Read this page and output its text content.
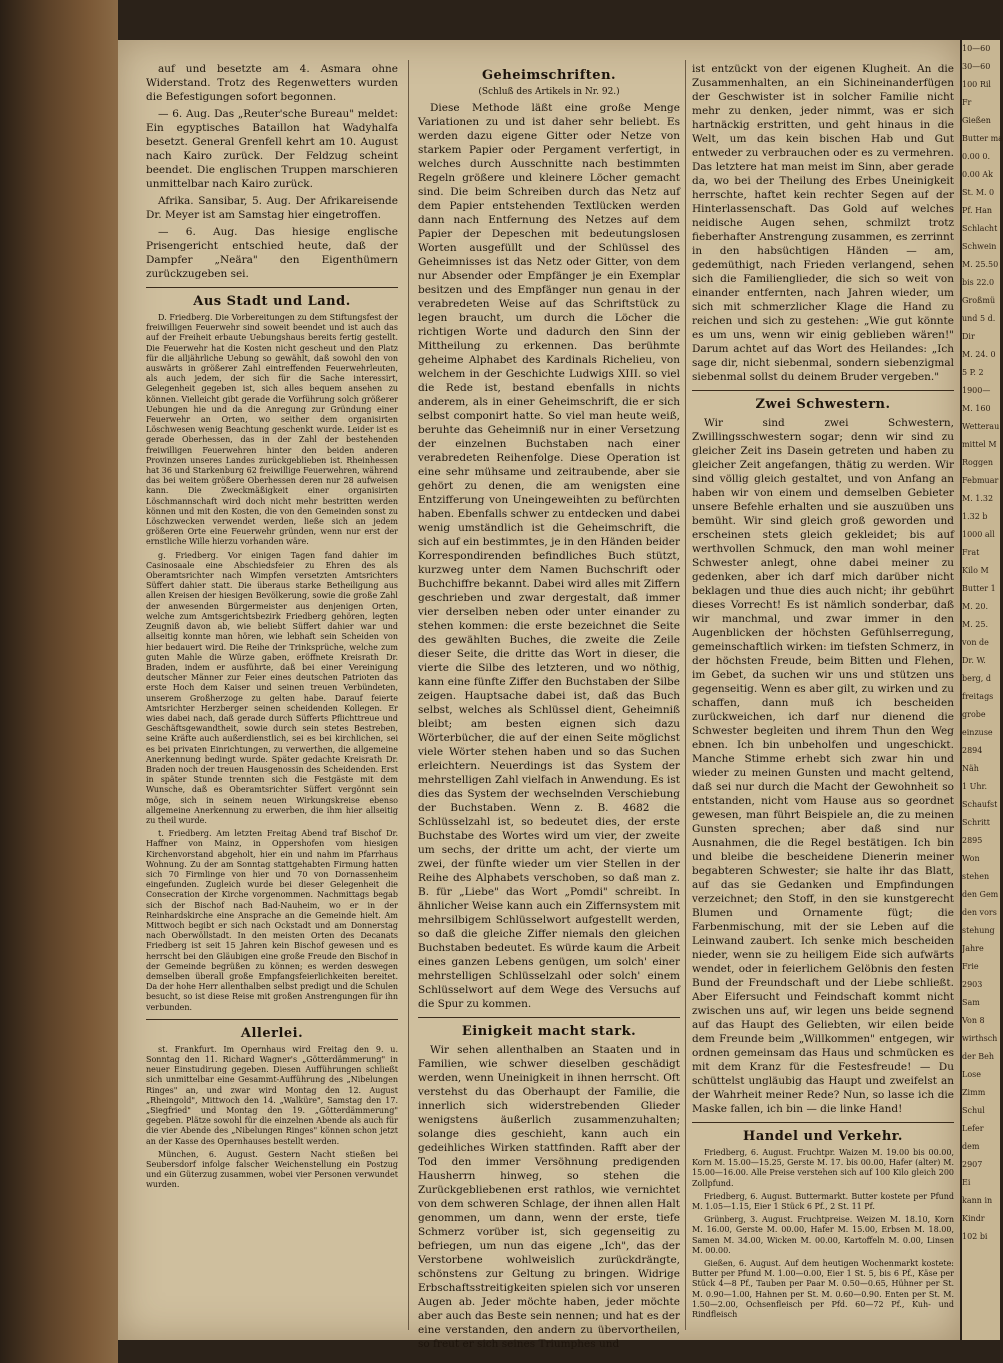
auf und besetzte am 4. Asmara ohne Widerstand. Trotz des Regenwetters wurden die Befestigungen sofort begonnen.

— 6. Aug. Das „Reuter'sche Bureau" meldet: Ein egyptisches Bataillon hat Wadyhalfa besetzt. General Grenfell kehrt am 10. August nach Kairo zurück. Der Feldzug scheint beendet. Die englischen Truppen marschieren unmittelbar nach Kairo zurück.

Afrika. Sansibar, 5. Aug. Der Afrikareisende Dr. Meyer ist am Samstag hier eingetroffen.

— 6. Aug. Das hiesige englische Prisengericht entschied heute, daß der Dampfer „Neära" den Eigenthümern zurückzugeben sei.

Aus Stadt und Land.

D. Friedberg. Die Vorbereitungen zu dem Stiftungsfest der freiwilligen Feuerwehr sind soweit beendet und ist auch das auf der Freiheit erbaute Uebungshaus bereits fertig gestellt. Die Feuerwehr hat die Kosten nicht gescheut und den Platz für die alljährliche Uebung so gewählt, daß sowohl den von auswärts in größerer Zahl eintreffenden Feuerwehrleuten, als auch jedem, der sich für die Sache interessirt, Gelegenheit gegeben ist, sich alles bequem ansehen zu können. Vielleicht gibt gerade die Vorführung solch größerer Uebungen hie und da die Anregung zur Gründung einer Feuerwehr an Orten, wo seither dem organisirten Löschwesen wenig Beachtung geschenkt wurde. Leider ist es gerade Oberhessen, das in der Zahl der bestehenden freiwilligen Feuerwehren hinter den beiden anderen Provinzen unseres Landes zurückgeblieben ist. Rheinhessen hat 36 und Starkenburg 62 freiwillige Feuerwehren, während das bei weitem größere Oberhessen deren nur 28 aufweisen kann. Die Zweckmäßigkeit einer organisirten Löschmannschaft wird doch nicht mehr bestritten werden können und mit den Kosten, die von den Gemeinden sonst zu Löschzwecken verwendet werden, ließe sich an jedem größeren Orte eine Feuerwehr gründen, wenn nur erst der ernstliche Wille hierzu vorhanden wäre.

g. Friedberg. Vor einigen Tagen fand dahier im Casinosaale eine Abschiedsfeier zu Ehren des als Oberamtsrichter nach Wimpfen versetzten Amtsrichters Süffert dahier statt. Die überaus starke Betheiligung aus allen Kreisen der hiesigen Bevölkerung, sowie die große Zahl der anwesenden Bürgermeister aus denjenigen Orten, welche zum Amtsgerichtsbezirk Friedberg gehören, legten Zeugniß davon ab, wie beliebt Süffert dahier war und allseitig konnte man hören, wie lebhaft sein Scheiden von hier bedauert wird. Die Reihe der Trinksprüche, welche zum guten Mahle die Würze gaben, eröffnete Kreisrath Dr. Braden, indem er ausführte, daß bei einer Vereinigung deutscher Männer zur Feier eines deutschen Patrioten das erste Hoch dem Kaiser und seinen treuen Verbündeten, unserem Großherzoge zu gelten habe. Darauf feierte Amtsrichter Herzberger seinen scheidenden Kollegen. Er wies dabei nach, daß gerade durch Süfferts Pflichttreue und Geschäftsgewandtheit, sowie durch sein stetes Bestreben, seine Kräfte auch außerdienstlich, sei es bei kirchlichen, sei es bei privaten Einrichtungen, zu verwerthen, die allgemeine Anerkennung bedingt wurde. Später gedachte Kreisrath Dr. Braden noch der treuen Hausgenossin des Scheidenden. Erst in später Stunde trennten sich die Festgäste mit dem Wunsche, daß es Oberamtsrichter Süffert vergönnt sein möge, sich in seinem neuen Wirkungskreise ebenso allgemeine Anerkennung zu erwerben, die ihm hier allseitig zu theil wurde.

t. Friedberg. Am letzten Freitag Abend traf Bischof Dr. Haffner von Mainz, in Oppershofen vom hiesigen Kirchenvorstand abgeholt, hier ein und nahm im Pfarrhaus Wohnung. Zu der am Sonntag stattgehabten Firmung hatten sich 70 Firmlinge von hier und 70 von Dornassenheim eingefunden. Zugleich wurde bei dieser Gelegenheit die Consecration der Kirche vorgenommen. Nachmittags begab sich der Bischof nach Bad-Nauheim, wo er in der Reinhardskirche eine Ansprache an die Gemeinde hielt. Am Mittwoch begibt er sich nach Ockstadt und am Donnerstag nach Oberwöllstadt. In den meisten Orten des Decanats Friedberg ist seit 15 Jahren kein Bischof gewesen und es herrscht bei den Gläubigen eine große Freude den Bischof in der Gemeinde begrüßen zu können; es werden deswegen demselben überall große Empfangsfeierlichkeiten bereitet. Da der hohe Herr allenthalben selbst predigt und die Schulen besucht, so ist diese Reise mit großen Anstrengungen für ihn verbunden.

Allerlei.

st. Frankfurt. Im Opernhaus wird Freitag den 9. u. Sonntag den 11. Richard Wagner's „Götterdämmerung" in neuer Einstudirung gegeben. Diesen Aufführungen schließt sich unmittelbar eine Gesammt-Aufführung des „Nibelungen Ringes" an, und zwar wird Montag den 12. August „Rheingold", Mittwoch den 14. „Walküre", Samstag den 17. „Siegfried" und Montag den 19. „Götterdämmerung" gegeben. Plätze sowohl für die einzelnen Abende als auch für die vier Abende des „Nibelungen Ringes" können schon jetzt an der Kasse des Opernhauses bestellt werden.

München, 6. August. Gestern Nacht stießen bei Seubersdorf infolge falscher Weichenstellung ein Postzug und ein Güterzug zusammen, wobei vier Personen verwundet wurden.

Geheimschriften.
(Schluß des Artikels in Nr. 92.)

Diese Methode läßt eine große Menge Variationen zu und ist daher sehr beliebt. Es werden dazu eigene Gitter oder Netze von starkem Papier oder Pergament verfertigt, in welches durch Ausschnitte nach bestimmten Regeln größere und kleinere Löcher gemacht sind. Die beim Schreiben durch das Netz auf dem Papier entstehenden Textlücken werden dann nach Entfernung des Netzes auf dem Papier der Depeschen mit bedeutungslosen Worten ausgefüllt und der Schlüssel des Geheimnisses ist das Netz oder Gitter, von dem nur Absender oder Empfänger je ein Exemplar besitzen und des Empfänger nun genau in der verabredeten Weise auf das Schriftstück zu legen braucht, um durch die Löcher die richtigen Worte und dadurch den Sinn der Mittheilung zu erkennen. Das berühmte geheime Alphabet des Kardinals Richelieu, von welchem in der Geschichte Ludwigs XIII. so viel die Rede ist, bestand ebenfalls in nichts anderem, als in einer Geheimschrift, die er sich selbst componirt hatte. So viel man heute weiß, beruhte das Geheimniß nur in einer Versetzung der einzelnen Buchstaben nach einer verabredeten Reihenfolge. Diese Operation ist eine sehr mühsame und zeitraubende, aber sie gehört zu denen, die am wenigsten eine Entzifferung von Uneingeweihten zu befürchten haben. Ebenfalls schwer zu entdecken und dabei wenig umständlich ist die Geheimschrift, die sich auf ein bestimmtes, je in den Händen beider Korrespondirenden befindliches Buch stützt, kurzweg unter dem Namen Buchschrift oder Buchchiffre bekannt. Dabei wird alles mit Ziffern geschrieben und zwar dergestalt, daß immer vier derselben neben oder unter einander zu stehen kommen: die erste bezeichnet die Seite des gewählten Buches, die zweite die Zeile dieser Seite, die dritte das Wort in dieser, die vierte die Silbe des letzteren, und wo nöthig, kann eine fünfte Ziffer den Buchstaben der Silbe zeigen. Hauptsache dabei ist, daß das Buch selbst, welches als Schlüssel dient, Geheimniß bleibt; am besten eignen sich dazu Wörterbücher, die auf der einen Seite möglichst viele Wörter stehen haben und so das Suchen erleichtern. Neuerdings ist das System der mehrstelligen Zahl vielfach in Anwendung. Es ist dies das System der wechselnden Verschiebung der Buchstaben. Wenn z. B. 4682 die Schlüsselzahl ist, so bedeutet dies, der erste Buchstabe des Wortes wird um vier, der zweite um sechs, der dritte um acht, der vierte um zwei, der fünfte wieder um vier Stellen in der Reihe des Alphabets verschoben, so daß man z. B. für „Liebe" das Wort „Pomdi" schreibt. In ähnlicher Weise kann auch ein Ziffernsystem mit mehrsilbigem Schlüsselwort aufgestellt werden, so daß die gleiche Ziffer niemals den gleichen Buchstaben bedeutet. Es würde kaum die Arbeit eines ganzen Lebens genügen, um solch' einer mehrstelligen Schlüsselzahl oder solch' einem Schlüsselwort auf dem Wege des Versuchs auf die Spur zu kommen.

Einigkeit macht stark.

Wir sehen allenthalben an Staaten und in Familien, wie schwer dieselben geschädigt werden, wenn Uneinigkeit in ihnen herrscht. Oft verstehst du das Oberhaupt der Familie, die innerlich sich widerstrebenden Glieder wenigstens äußerlich zusammenzuhalten; solange dies geschieht, kann auch ein gedeihliches Wirken stattfinden. Rafft aber der Tod den immer Versöhnung predigenden Hausherrn hinweg, so stehen die Zurückgebliebenen erst rathlos, wie vernichtet von dem schweren Schlage, der ihnen allen Halt genommen, um dann, wenn der erste, tiefe Schmerz vorüber ist, sich gegenseitig zu befriegen, um nun das eigene „Ich", das der Verstorbene wohlweislich zurückdrängte, schönstens zur Geltung zu bringen. Widrige Erbschaftsstreitigkeiten spielen sich vor unseren Augen ab. Jeder möchte haben, jeder möchte aber auch das Beste sein nennen; und hat es der eine verstanden, den andern zu übervortheilen, so freut er sich seines Triumphes und

ist entzückt von der eigenen Klugheit. An die Zusammenhalten, an ein Sichineinanderfügen der Geschwister ist in solcher Familie nicht mehr zu denken, jeder nimmt, was er sich hartnäckig erstritten, und geht hinaus in die Welt, um das kein bischen Hab und Gut entweder zu verbrauchen oder es zu vermehren. Das letztere hat man meist im Sinn, aber gerade da, wo bei der Theilung des Erbes Uneinigkeit herrschte, haftet kein rechter Segen auf der Hinterlassenschaft. Das Gold auf welches neidische Augen sehen, schmilzt trotz fieberhafter Anstrengung zusammen, es zerrinnt in den habsüchtigen Händen — am, gedemüthigt, nach Frieden verlangend, sehen sich die Familienglieder, die sich so weit von einander entfernten, nach Jahren wieder, um sich mit schmerzlicher Klage die Hand zu reichen und sich zu gestehen: „Wie gut könnte es um uns, wenn wir einig geblieben wären!" Darum achtet auf das Wort des Heilandes: „Ich sage dir, nicht siebenmal, sondern siebenzigmal siebenmal sollst du deinem Bruder vergeben."

Zwei Schwestern.

Wir sind zwei Schwestern, Zwillingsschwestern sogar; denn wir sind zu gleicher Zeit ins Dasein getreten und haben zu gleicher Zeit angefangen, thätig zu werden. Wir sind völlig gleich gestaltet, und von Anfang an haben wir von einem und demselben Gebieter unsere Befehle erhalten und sie auszuüben uns bemüht. Wir sind gleich groß geworden und erscheinen stets gleich gekleidet; bis auf werthvollen Schmuck, den man wohl meiner Schwester anlegt, ohne dabei meiner zu gedenken, aber ich darf mich darüber nicht beklagen und thue dies auch nicht; ihr gebührt dieses Vorrecht! Es ist nämlich sonderbar, daß wir manchmal, und zwar immer in den Augenblicken der höchsten Gefühlserregung, gemeinschaftlich wirken: im tiefsten Schmerz, in der höchsten Freude, beim Bitten und Flehen, im Gebet, da suchen wir uns und stützen uns gegenseitig. Wenn es aber gilt, zu wirken und zu schaffen, dann muß ich bescheiden zurückweichen, ich darf nur dienend die Schwester begleiten und ihrem Thun den Weg ebnen. Ich bin unbeholfen und ungeschickt. Manche Stimme erhebt sich zwar hin und wieder zu meinen Gunsten und macht geltend, daß sei nur durch die Macht der Gewohnheit so entstanden, nicht vom Hause aus so geordnet gewesen, man führt Beispiele an, die zu meinen Gunsten sprechen; aber daß sind nur Ausnahmen, die die Regel bestätigen. Ich bin und bleibe die bescheidene Dienerin meiner begabteren Schwester; sie halte ihr das Blatt, auf das sie Gedanken und Empfindungen verzeichnet; den Stoff, in den sie kunstgerecht Blumen und Ornamente fügt; die Farbenmischung, mit der sie Leben auf die Leinwand zaubert. Ich senke mich bescheiden nieder, wenn sie zu heiligem Eide sich aufwärts wendet, oder in feierlichem Gelöbnis den festen Bund der Freundschaft und der Liebe schließt. Aber Eifersucht und Feindschaft kommt nicht zwischen uns auf, wir legen uns beide segnend auf das Haupt des Geliebten, wir eilen beide dem Freunde beim „Willkommen" entgegen, wir ordnen gemeinsam das Haus und schmücken es mit dem Kranz für die Festesfreude! — Du schüttelst ungläubig das Haupt und zweifelst an der Wahrheit meiner Rede? Nun, so lasse ich die Maske fallen, ich bin — die linke Hand!

Handel und Verkehr.

Friedberg, 6. August. Fruchtpr. Waizen M. 19.00 bis 00.00, Korn M. 15.00—15.25, Gerste M. 17. bis 00.00, Hafer (alter) M. 15.00—16.00. Alle Preise verstehen sich auf 100 Kilo gleich 200 Zollpfund.

Friedberg, 6. August. Buttermarkt. Butter kostete per Pfund M. 1.05—1.15, Eier 1 Stück 6 Pf., 2 St. 11 Pf.

Grünberg, 3. August. Fruchtpreise. Weizen M. 18.10, Korn M. 16.00, Gerste M. 00.00, Hafer M. 15.00, Erbsen M. 18.00, Samen M. 34.00, Wicken M. 00.00, Kartoffeln M. 0.00, Linsen M. 00.00.

Gießen, 6. August. Auf dem heutigen Wochenmarkt kostete: Butter per Pfund M. 1.00—0.00, Eier 1 St. 5, bis 6 Pf., Käse per Stück 4—8 Pf., Tauben per Paar M. 0.50—0.65, Hühner per St. M. 0.90—1.00, Hahnen per St. M. 0.60—0.90. Enten per St. M. 1.50—2.00, Ochsenfleisch per Pfd. 60—72 Pf., Kuh- und Rindfleisch

10—60
30—60
100 Ril
Fr
Gießen
Butter ma
0.00 0.
0.00 Ak
St. M. 0
Pf. Han
Schlacht
Schwein
M. 25.50
bis 22.0
Großmü
und 5 d.
Dir
M. 24. 0
5 P. 2
1900—
M. 160
Wetterau
mittel M
Roggen
Febmuar
M. 1.32
1.32 b
1000 all
Frat
Kilo M
Butter 1
M. 20.
M. 25.
von de
Dr. W.
berg, d
freitags
grobe
einzuse
2894
Näh
1 Uhr.
Schaufst
Schritt
2895
Won
stehen
den Gem
den vors
stehung
Jahre
Frie
2903
Sam
Von 8
wirthsch
der Beh
Lose
Zimm
Schul
Lefer
dem
2907
Ei
kann in
Kindr
102 bi
